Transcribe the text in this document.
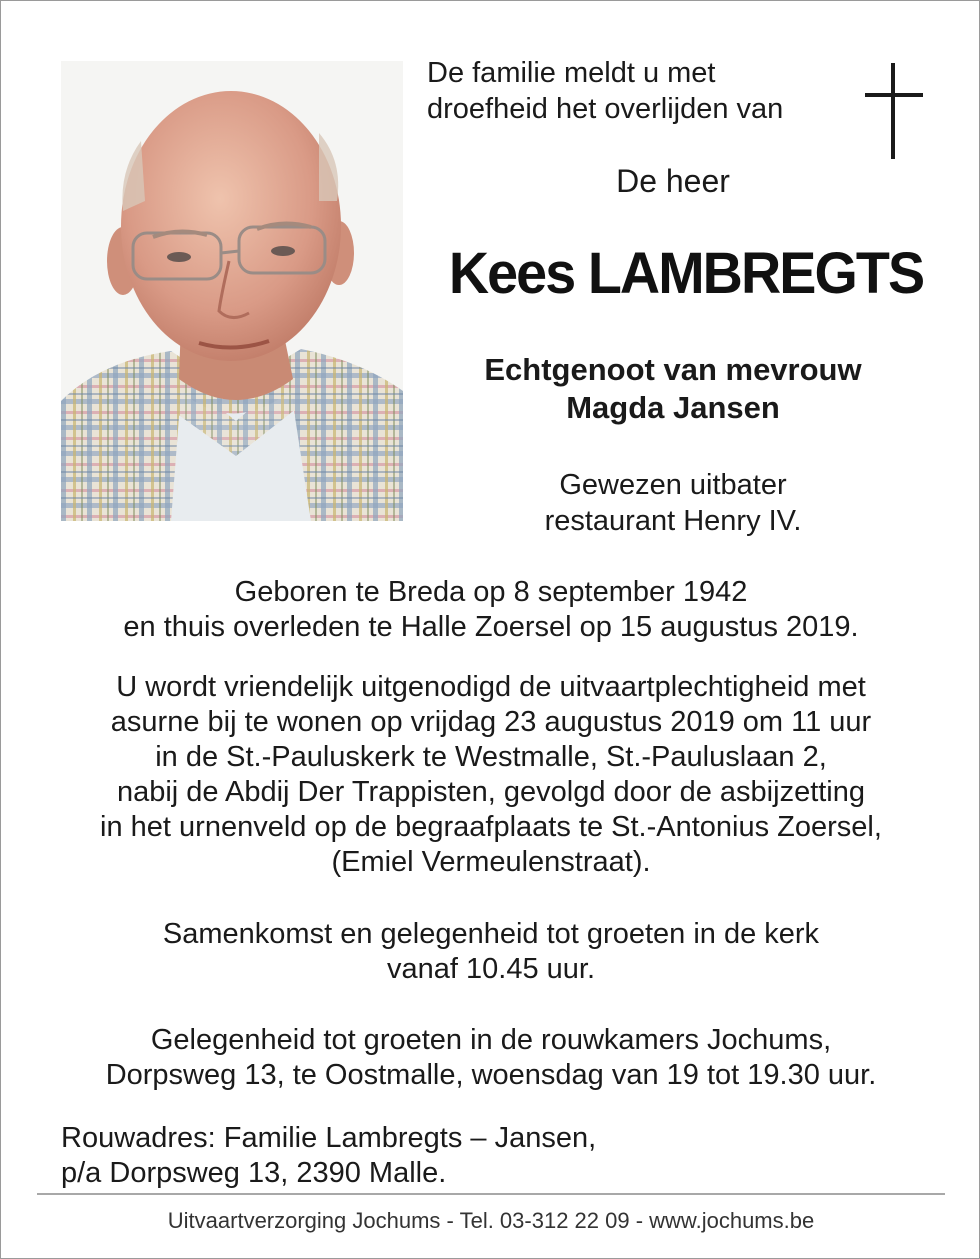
De familie meldt u met
droefheid het overlijden van
De heer
Kees LAMBREGTS
Echtgenoot van mevrouw
Magda Jansen
Gewezen uitbater
restaurant Henry IV.
Geboren te Breda op 8 september 1942
en thuis overleden te Halle Zoersel op 15 augustus 2019.
U wordt vriendelijk uitgenodigd de uitvaartplechtigheid met
asurne bij te wonen op vrijdag 23 augustus 2019 om 11 uur
in de St.-Pauluskerk te Westmalle, St.-Pauluslaan 2,
nabij de Abdij Der Trappisten, gevolgd door de asbijzetting
in het urnenveld op de begraafplaats te St.-Antonius Zoersel,
(Emiel Vermeulenstraat).
Samenkomst en gelegenheid tot groeten in de kerk
vanaf 10.45 uur.
Gelegenheid tot groeten in de rouwkamers Jochums,
Dorpsweg 13, te Oostmalle, woensdag van 19 tot 19.30 uur.
Rouwadres: Familie Lambregts – Jansen,
p/a Dorpsweg 13, 2390 Malle.
Uitvaartverzorging Jochums - Tel. 03-312 22 09 - www.jochums.be
